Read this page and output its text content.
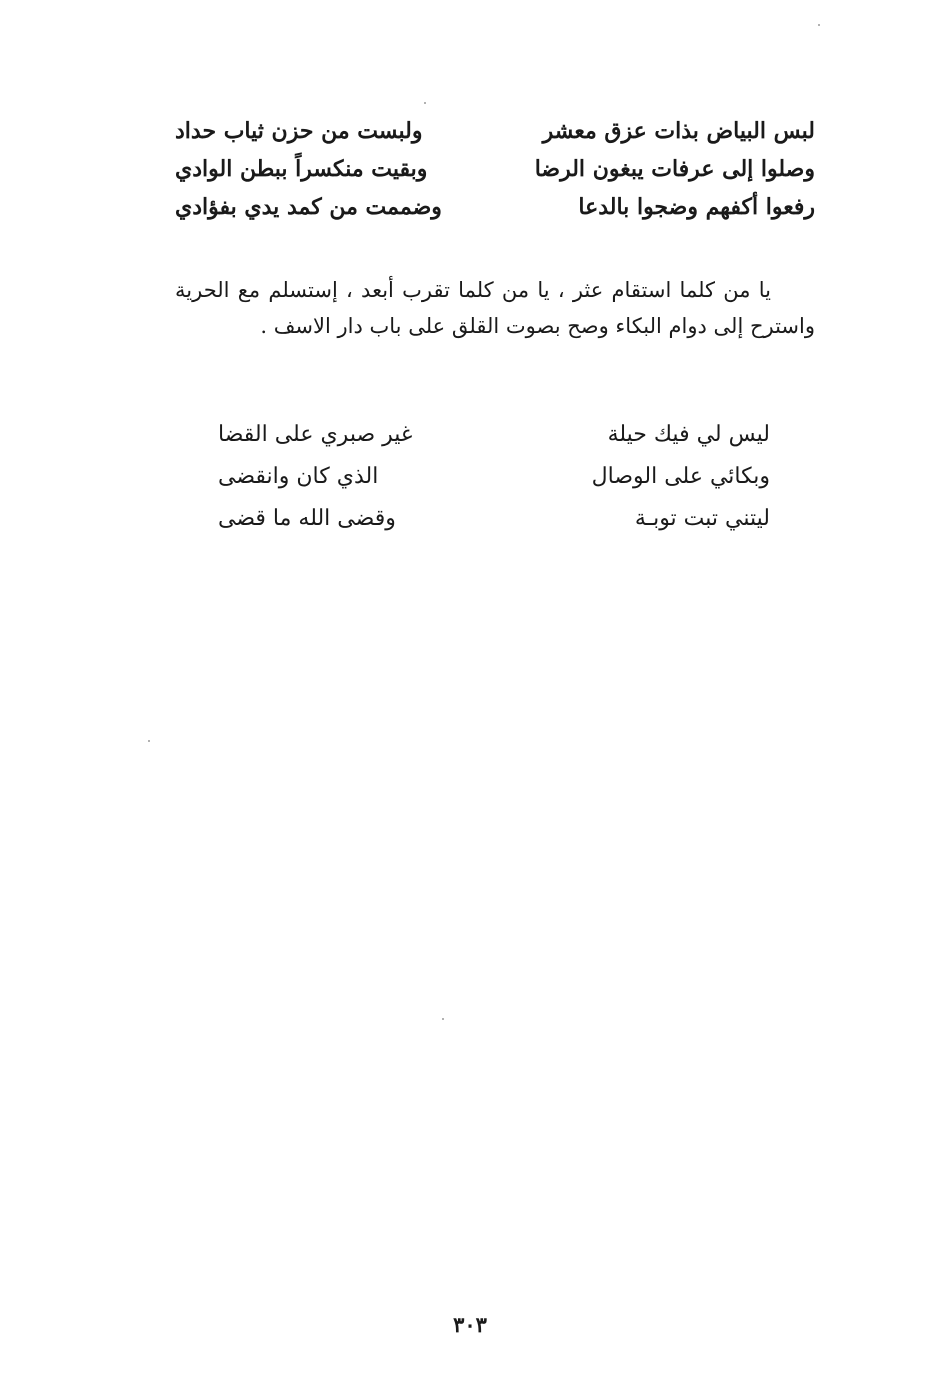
لبس البياض بذات عزق معشر
ولبست من حزن ثياب حداد
وصلوا إلى عرفات يبغون الرضا
وبقيت منكسراً ببطن الوادي
رفعوا أكفهم وضجوا بالدعا
وضممت من كمد يدي بفؤادي

يا من كلما استقام عثر ، يا من كلما تقرب أبعد ، إستسلم مع الحرية واسترح إلى دوام البكاء وصح بصوت القلق على باب دار الاسف .

ليس لي فيك حيلة
غير صبري على القضا
وبكائي على الوصال
الذي كان وانقضى
ليتني تبت توبـة
وقضى الله ما قضى
٣٠٣
